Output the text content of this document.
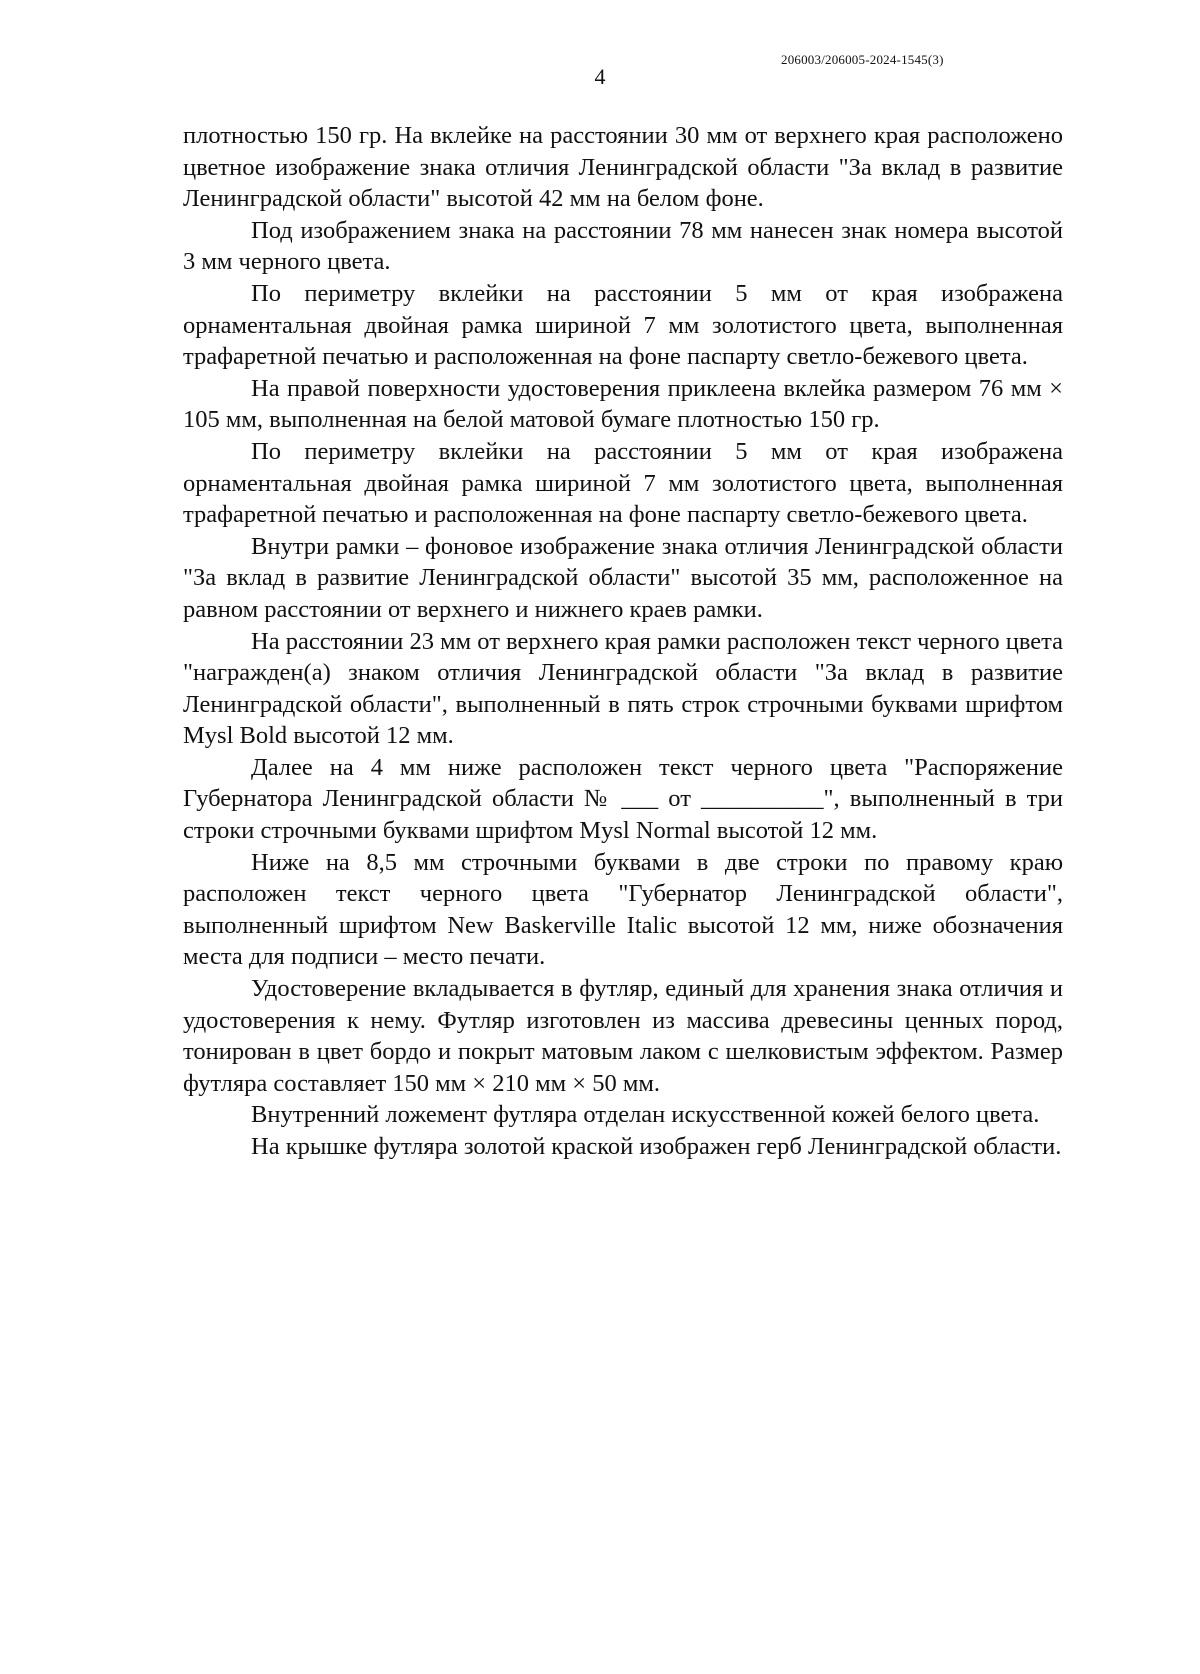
206003/206005-2024-1545(3)
4

плотностью 150 гр. На вклейке на расстоянии 30 мм от верхнего края расположено цветное изображение знака отличия Ленинградской области "За вклад в развитие Ленинградской области" высотой 42 мм на белом фоне.

Под изображением знака на расстоянии 78 мм нанесен знак номера высотой 3 мм черного цвета.

По периметру вклейки на расстоянии 5 мм от края изображена орнаментальная двойная рамка шириной 7 мм золотистого цвета, выполненная трафаретной печатью и расположенная на фоне паспарту светло-бежевого цвета.

На правой поверхности удостоверения приклеена вклейка размером 76 мм × 105 мм, выполненная на белой матовой бумаге плотностью 150 гр.

По периметру вклейки на расстоянии 5 мм от края изображена орнаментальная двойная рамка шириной 7 мм золотистого цвета, выполненная трафаретной печатью и расположенная на фоне паспарту светло-бежевого цвета.

Внутри рамки – фоновое изображение знака отличия Ленинградской области "За вклад в развитие Ленинградской области" высотой 35 мм, расположенное на равном расстоянии от верхнего и нижнего краев рамки.

На расстоянии 23 мм от верхнего края рамки расположен текст черного цвета "награжден(а) знаком отличия Ленинградской области "За вклад в развитие Ленинградской области", выполненный в пять строк строчными буквами шрифтом Mysl Bold высотой 12 мм.

Далее на 4 мм ниже расположен текст черного цвета "Распоряжение Губернатора Ленинградской области № ___ от __________", выполненный в три строки строчными буквами шрифтом Mysl Normal высотой 12 мм.

Ниже на 8,5 мм строчными буквами в две строки по правому краю расположен текст черного цвета "Губернатор Ленинградской области", выполненный шрифтом New Baskerville Italic высотой 12 мм, ниже обозначения места для подписи – место печати.

Удостоверение вкладывается в футляр, единый для хранения знака отличия и удостоверения к нему. Футляр изготовлен из массива древесины ценных пород, тонирован в цвет бордо и покрыт матовым лаком с шелковистым эффектом. Размер футляра составляет 150 мм × 210 мм × 50 мм.

Внутренний ложемент футляра отделан искусственной кожей белого цвета.

На крышке футляра золотой краской изображен герб Ленинградской области.
